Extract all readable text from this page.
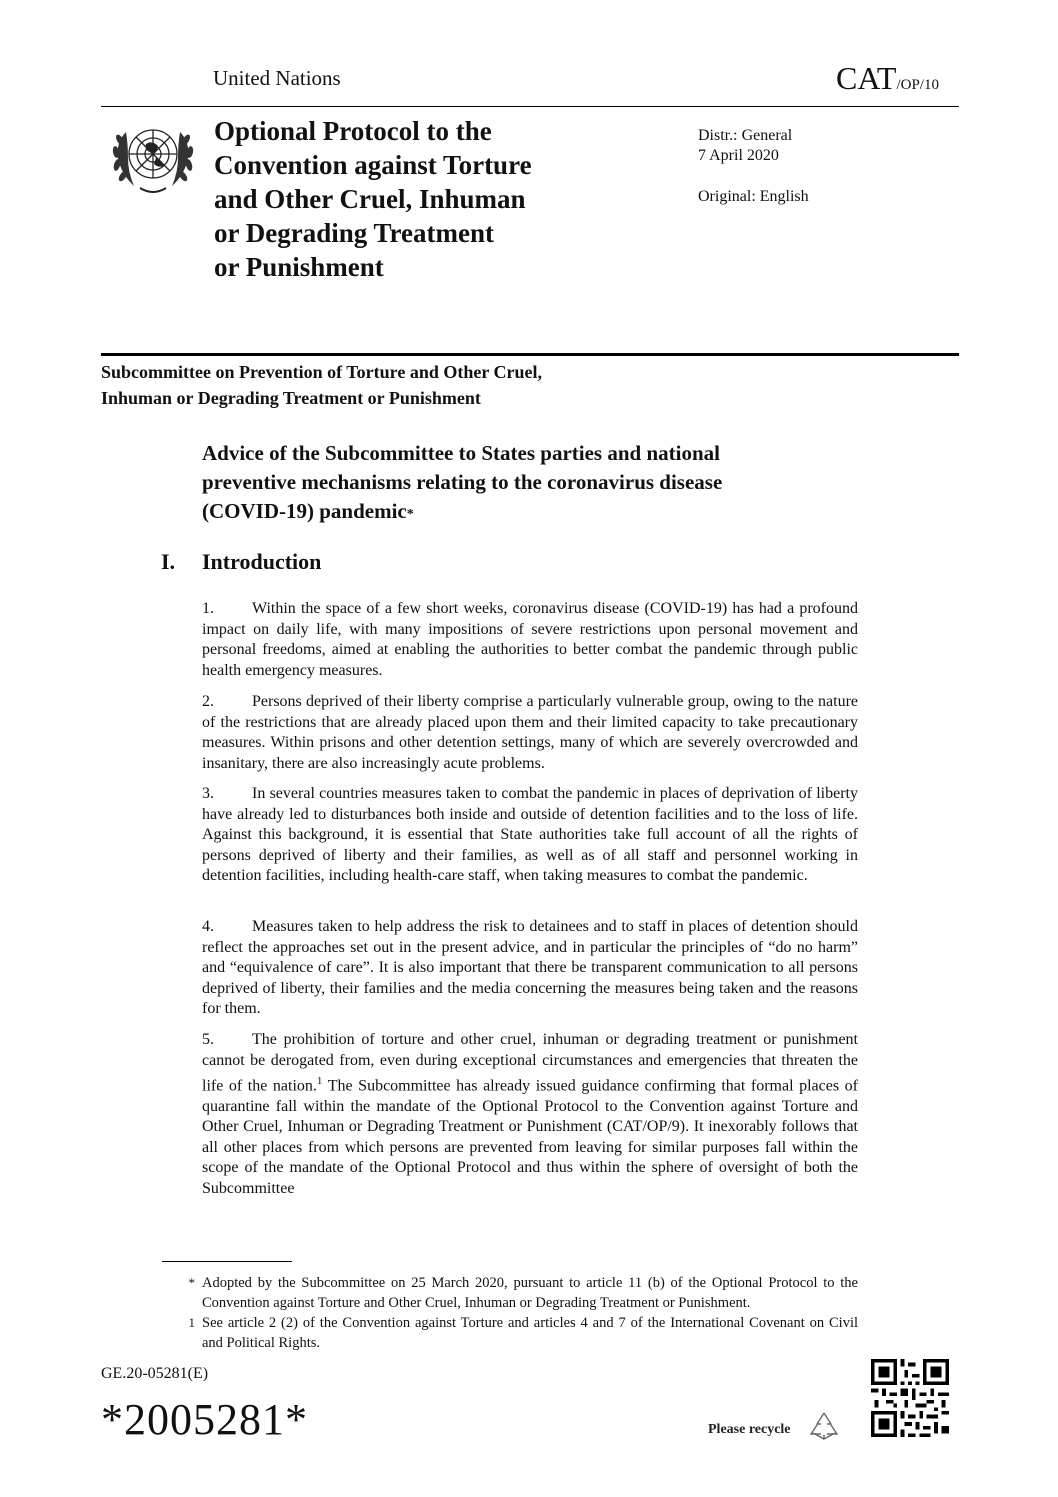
United Nations	CAT/OP/10
Optional Protocol to the
Convention against Torture
and Other Cruel, Inhuman
or Degrading Treatment
or Punishment
Distr.: General
7 April 2020
Original: English
Subcommittee on Prevention of Torture and Other Cruel,
Inhuman or Degrading Treatment or Punishment
Advice of the Subcommittee to States parties and national
preventive mechanisms relating to the coronavirus disease
(COVID-19) pandemic*
I. Introduction
1. Within the space of a few short weeks, coronavirus disease (COVID-19) has had a profound impact on daily life, with many impositions of severe restrictions upon personal movement and personal freedoms, aimed at enabling the authorities to better combat the pandemic through public health emergency measures.
2. Persons deprived of their liberty comprise a particularly vulnerable group, owing to the nature of the restrictions that are already placed upon them and their limited capacity to take precautionary measures. Within prisons and other detention settings, many of which are severely overcrowded and insanitary, there are also increasingly acute problems.
3. In several countries measures taken to combat the pandemic in places of deprivation of liberty have already led to disturbances both inside and outside of detention facilities and to the loss of life. Against this background, it is essential that State authorities take full account of all the rights of persons deprived of liberty and their families, as well as of all staff and personnel working in detention facilities, including health-care staff, when taking measures to combat the pandemic.
4. Measures taken to help address the risk to detainees and to staff in places of detention should reflect the approaches set out in the present advice, and in particular the principles of “do no harm” and “equivalence of care”. It is also important that there be transparent communication to all persons deprived of liberty, their families and the media concerning the measures being taken and the reasons for them.
5. The prohibition of torture and other cruel, inhuman or degrading treatment or punishment cannot be derogated from, even during exceptional circumstances and emergencies that threaten the life of the nation.$^1$ The Subcommittee has already issued guidance confirming that formal places of quarantine fall within the mandate of the Optional Protocol to the Convention against Torture and Other Cruel, Inhuman or Degrading Treatment or Punishment (CAT/OP/9). It inexorably follows that all other places from which persons are prevented from leaving for similar purposes fall within the scope of the mandate of the Optional Protocol and thus within the sphere of oversight of both the Subcommittee
* Adopted by the Subcommittee on 25 March 2020, pursuant to article 11 (b) of the Optional Protocol to the Convention against Torture and Other Cruel, Inhuman or Degrading Treatment or Punishment.
1 See article 2 (2) of the Convention against Torture and articles 4 and 7 of the International Covenant on Civil and Political Rights.
GE.20-05281(E)
*2005281*	Please recycle
